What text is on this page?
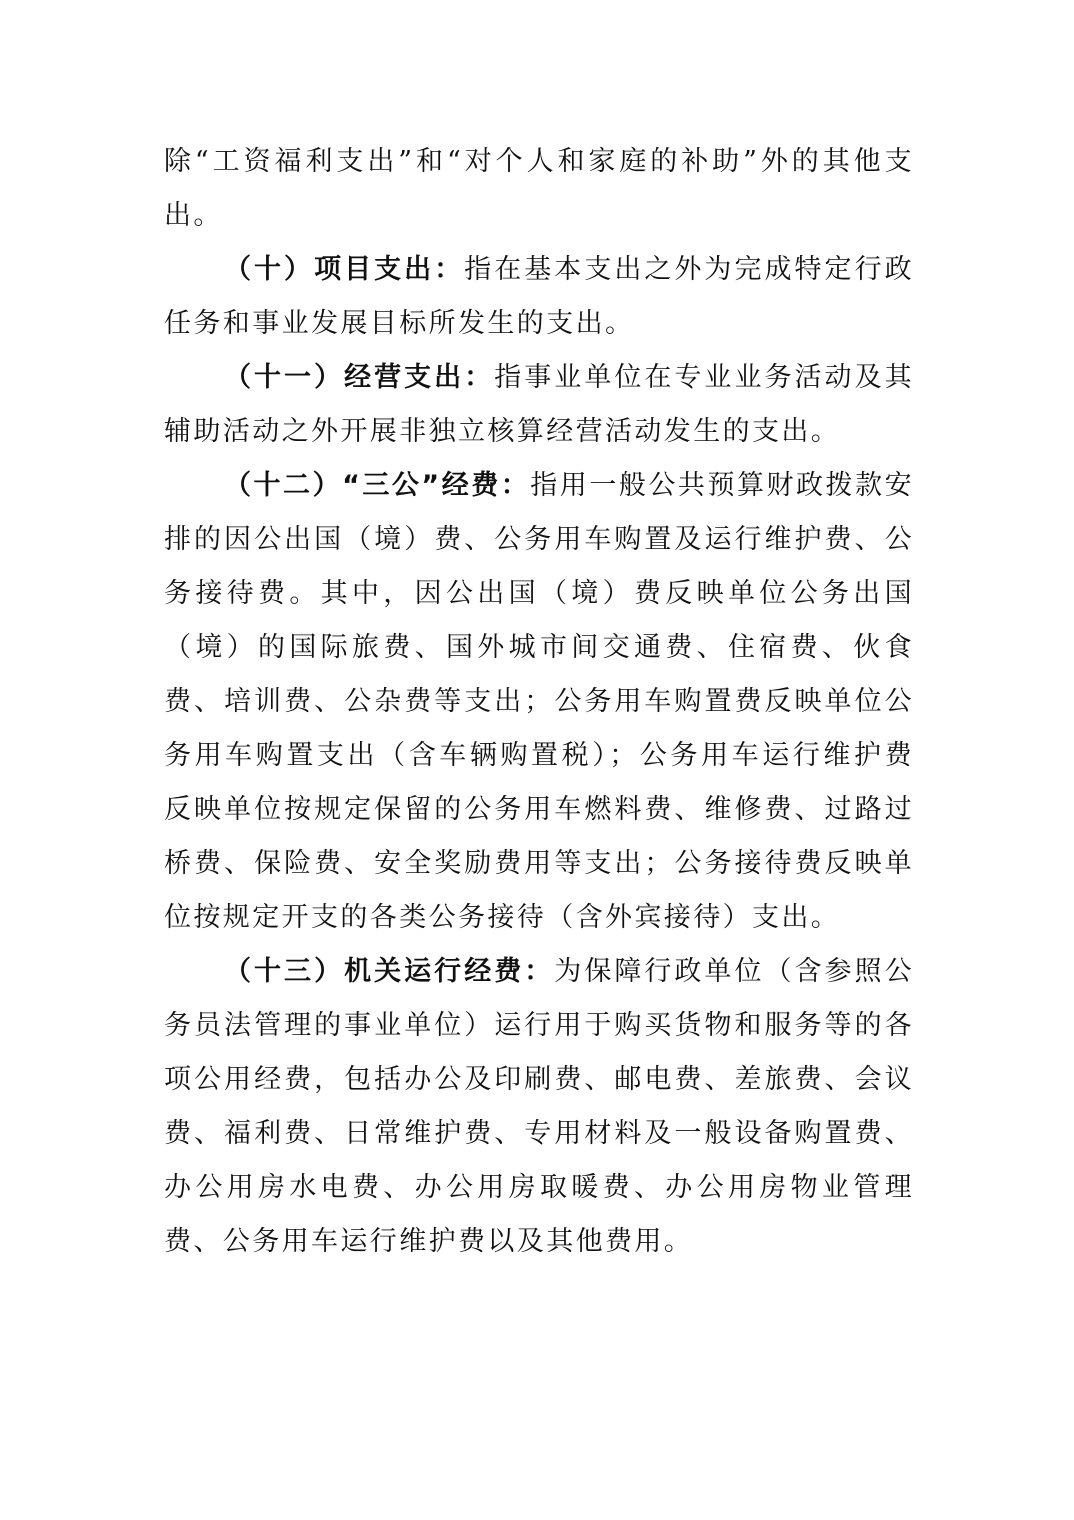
除“工资福利支出”和“对个人和家庭的补助”外的其他支出。

（十）项目支出：指在基本支出之外为完成特定行政任务和事业发展目标所发生的支出。

（十一）经营支出：指事业单位在专业业务活动及其辅助活动之外开展非独立核算经营活动发生的支出。

（十二）“三公”经费：指用一般公共预算财政拨款安排的因公出国（境）费、公务用车购置及运行维护费、公务接待费。其中，因公出国（境）费反映单位公务出国（境）的国际旅费、国外城市间交通费、住宿费、伙食费、培训费、公杂费等支出；公务用车购置费反映单位公务用车购置支出（含车辆购置税）；公务用车运行维护费反映单位按规定保留的公务用车燃料费、维修费、过路过桥费、保险费、安全奖励费用等支出；公务接待费反映单位按规定开支的各类公务接待（含外宾接待）支出。

（十三）机关运行经费：为保障行政单位（含参照公务员法管理的事业单位）运行用于购买货物和服务等的各项公用经费，包括办公及印刷费、邮电费、差旅费、会议费、福利费、日常维护费、专用材料及一般设备购置费、办公用房水电费、办公用房取暖费、办公用房物业管理费、公务用车运行维护费以及其他费用。
